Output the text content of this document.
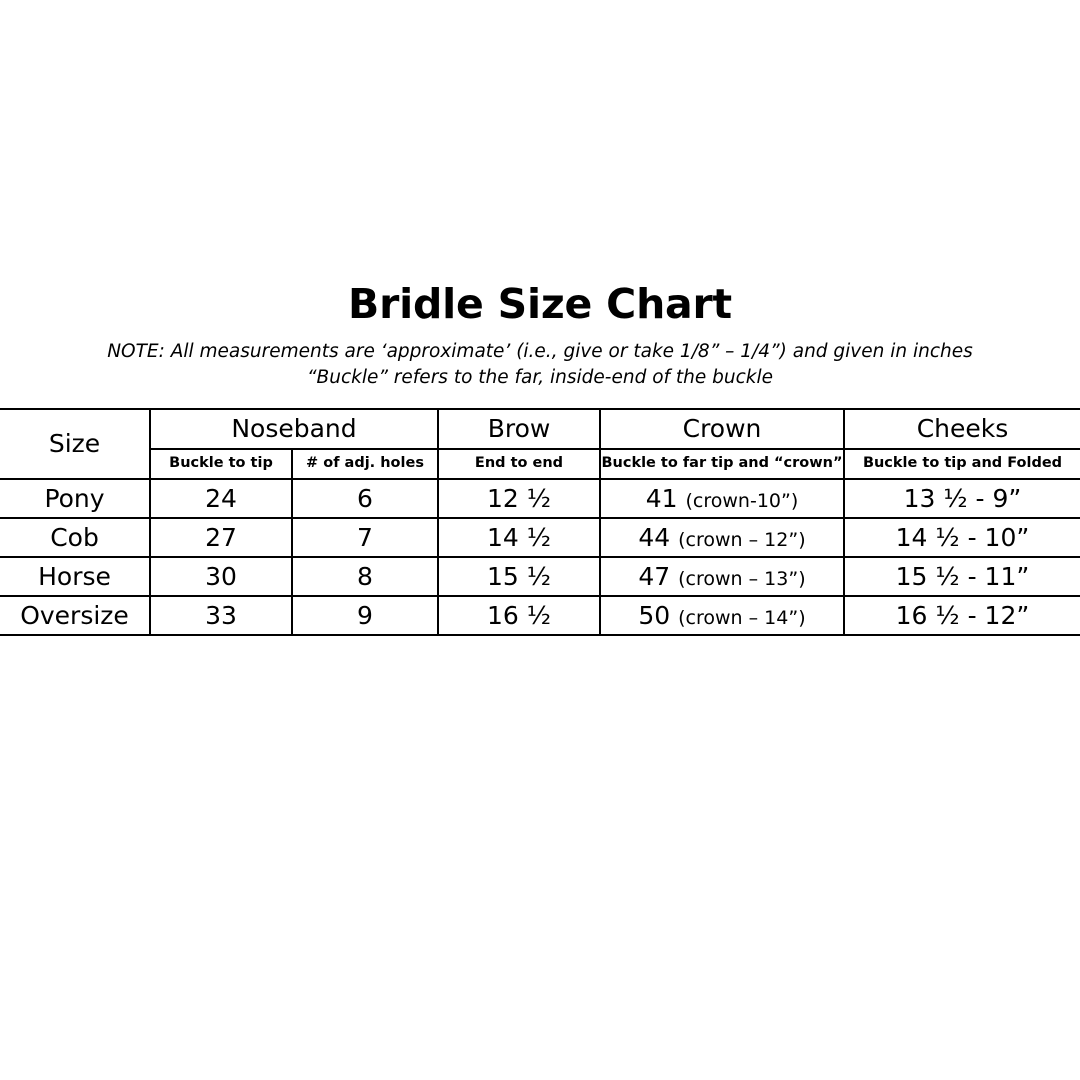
Bridle Size Chart
NOTE: All measurements are ‘approximate’ (i.e., give or take 1/8” – 1/4”) and given in inches
“Buckle” refers to the far, inside-end of the buckle
Size	Noseband		Brow	Crown	Cheeks
	Buckle to tip	# of adj. holes	End to end	Buckle to far tip and “crown”	Buckle to tip and Folded
Pony	24	6	12 ½	41 (crown-10”)	13 ½ - 9”
Cob	27	7	14 ½	44 (crown – 12”)	14 ½ - 10”
Horse	30	8	15 ½	47 (crown – 13”)	15 ½ - 11”
Oversize	33	9	16 ½	50 (crown – 14”)	16 ½ - 12”
